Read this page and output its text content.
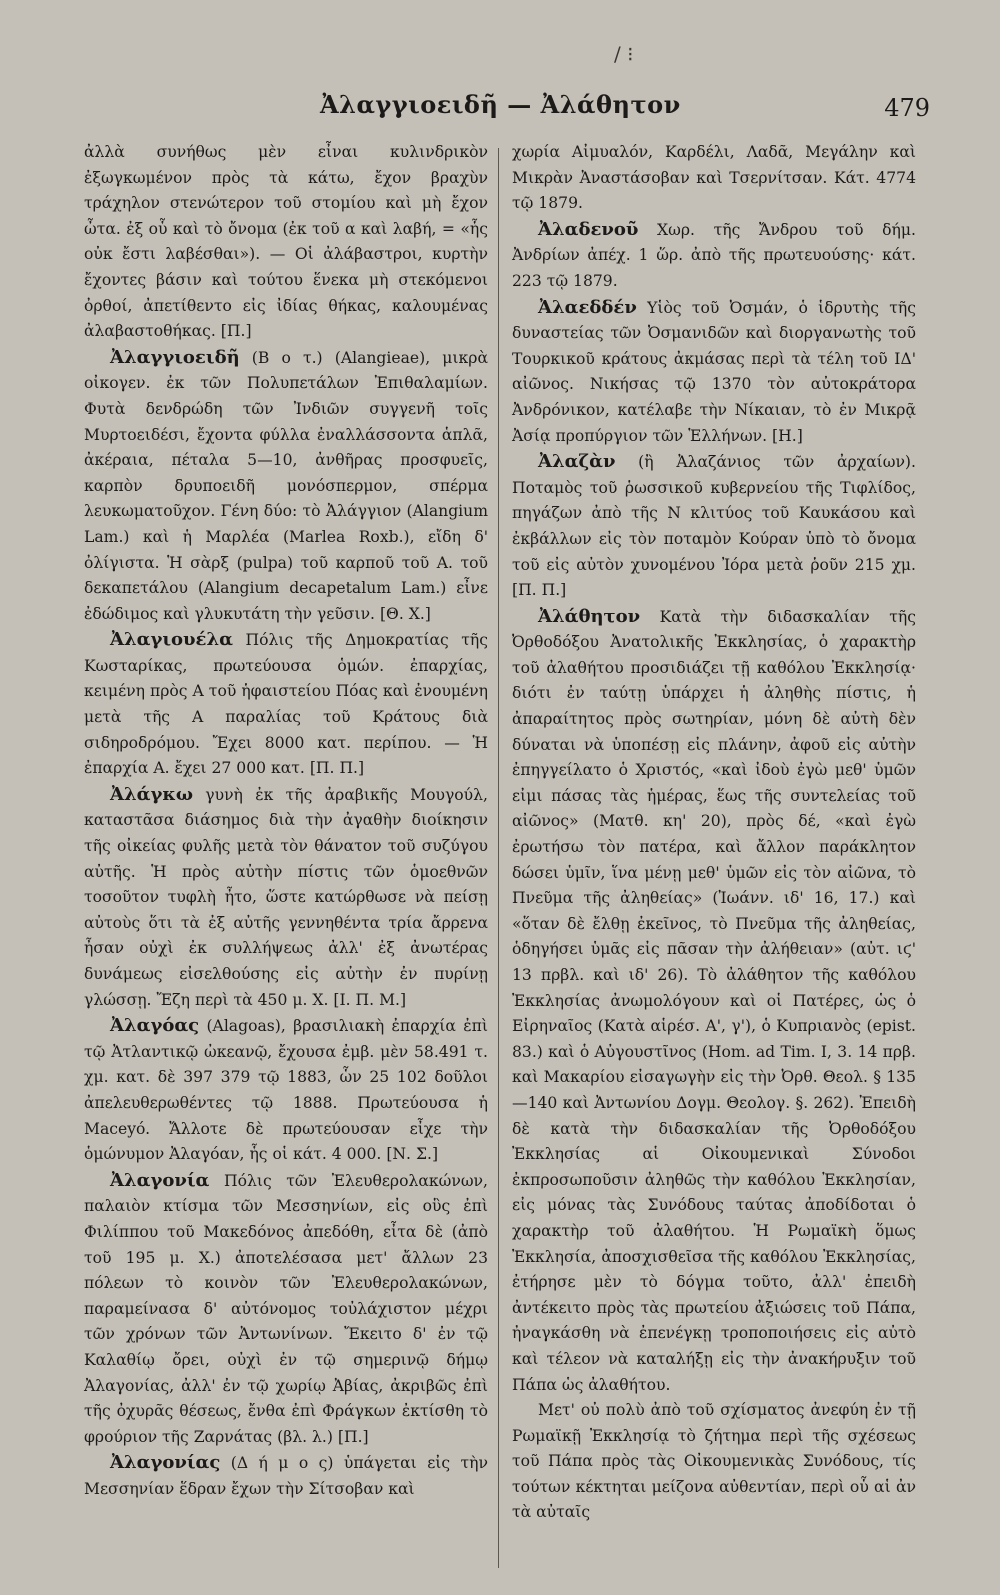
/ ⁝
Ἀλαγγιοειδῆ — Ἀλάθητον	479

ἀλλὰ συνήθως μὲν εἶναι κυλινδρικὸν ἐξωγκωμένον πρὸς τὰ κάτω, ἔχον βραχὺν τράχηλον στενώτερον τοῦ στομίου καὶ μὴ ἔχον ὦτα. ἐξ οὗ καὶ τὸ ὄνομα (ἐκ τοῦ α καὶ λαβή, = «ἧς οὐκ ἔστι λαβέσθαι»). — Οἱ ἀλάβαστροι, κυρτὴν ἔχοντες βάσιν καὶ τούτου ἕνεκα μὴ στεκόμενοι ὀρθοί, ἀπετίθεντο εἰς ἰδίας θήκας, καλουμένας ἀλαβαστοθήκας. [Π.]

Ἀλαγγιοειδῆ (Β ο τ.) (Alangieae), μικρὰ οἰκογεν. ἐκ τῶν Πολυπετάλων Ἐπιθαλαμίων. Φυτὰ δενδρώδη τῶν Ἰνδιῶν συγγενῆ τοῖς Μυρτοειδέσι, ἔχοντα φύλλα ἐναλλάσσοντα ἁπλᾶ, ἀκέραια, πέταλα 5—10, ἀνθῆρας προσφυεῖς, καρπὸν δρυποειδῆ μονόσπερμον, σπέρμα λευκωματοῦχον. Γένη δύο: τὸ Ἀλάγγιον (Alangium Lam.) καὶ ἡ Μαρλέα (Marlea Roxb.), εἴδη δ' ὀλίγιστα. Ἡ σὰρξ (pulpa) τοῦ καρποῦ τοῦ Α. τοῦ δεκαπετάλου (Alangium decapetalum Lam.) εἶνε ἐδώδιμος καὶ γλυκυτάτη τὴν γεῦσιν. [Θ. Χ.]

Ἀλαγιουέλα Πόλις τῆς Δημοκρατίας τῆς Κωσταρίκας, πρωτεύουσα ὁμών. ἐπαρχίας, κειμένη πρὸς Α τοῦ ἡφαιστείου Πόας καὶ ἐνουμένη μετὰ τῆς Α παραλίας τοῦ Κράτους διὰ σιδηροδρόμου. Ἔχει 8000 κατ. περίπου. — Ἡ ἐπαρχία Α. ἔχει 27 000 κατ. [Π. Π.]

Ἀλάγκω γυνὴ ἐκ τῆς ἀραβικῆς Μουγούλ, καταστᾶσα διάσημος διὰ τὴν ἀγαθὴν διοίκησιν τῆς οἰκείας φυλῆς μετὰ τὸν θάνατον τοῦ συζύγου αὐτῆς. Ἡ πρὸς αὐτὴν πίστις τῶν ὁμοεθνῶν τοσοῦτον τυφλὴ ἦτο, ὥστε κατώρθωσε νὰ πείσῃ αὐτοὺς ὅτι τὰ ἐξ αὐτῆς γεννηθέντα τρία ἄρρενα ἦσαν οὐχὶ ἐκ συλλήψεως ἀλλ' ἐξ ἀνωτέρας δυνάμεως εἰσελθούσης εἰς αὐτὴν ἐν πυρίνῃ γλώσσῃ. Ἔζη περὶ τὰ 450 μ. Χ. [Ι. Π. Μ.]

Ἀλαγόας (Alagoas), βρασιλιακὴ ἐπαρχία ἐπὶ τῷ Ἀτλαντικῷ ὠκεανῷ, ἔχουσα ἐμβ. μὲν 58.491 τ. χμ. κατ. δὲ 397 379 τῷ 1883, ὧν 25 102 δοῦλοι ἀπελευθερωθέντες τῷ 1888. Πρωτεύουσα ἡ Maceyó. Ἄλλοτε δὲ πρωτεύουσαν εἶχε τὴν ὁμώνυμον Ἀλαγόαν, ἧς οἱ κάτ. 4 000. [Ν. Σ.]

Ἀλαγονία Πόλις τῶν Ἐλευθερολακώνων, παλαιὸν κτίσμα τῶν Μεσσηνίων, εἰς οὓς ἐπὶ Φιλίππου τοῦ Μακεδόνος ἀπεδόθη, εἶτα δὲ (ἀπὸ τοῦ 195 μ. Χ.) ἀποτελέσασα μετ' ἄλλων 23 πόλεων τὸ κοινὸν τῶν Ἐλευθερολακώνων, παραμείνασα δ' αὐτόνομος τοὐλάχιστον μέχρι τῶν χρόνων τῶν Ἀντωνίνων. Ἔκειτο δ' ἐν τῷ Καλαθίῳ ὄρει, οὐχὶ ἐν τῷ σημερινῷ δήμῳ Ἀλαγονίας, ἀλλ' ἐν τῷ χωρίῳ Ἀβίας, ἀκριβῶς ἐπὶ τῆς ὀχυρᾶς θέσεως, ἔνθα ἐπὶ Φράγκων ἐκτίσθη τὸ φρούριον τῆς Ζαρνάτας (βλ. λ.) [Π.]

Ἀλαγονίας (Δ ή μ ο ς) ὑπάγεται εἰς τὴν Μεσσηνίαν ἕδραν ἔχων τὴν Σίτσοβαν καὶ

χωρία Αἰμυαλόν, Καρδέλι, Λαδᾶ, Μεγάλην καὶ Μικρὰν Ἀναστάσοβαν καὶ Τσερνίτσαν. Κάτ. 4774 τῷ 1879.

Ἀλαδενοῦ Χωρ. τῆς Ἄνδρου τοῦ δήμ. Ἀνδρίων ἀπέχ. 1 ὥρ. ἀπὸ τῆς πρωτευούσης· κάτ. 223 τῷ 1879.

Ἀλαεδδέν Υἱὸς τοῦ Ὀσμάν, ὁ ἱδρυτὴς τῆς δυναστείας τῶν Ὀσμανιδῶν καὶ διοργανωτὴς τοῦ Τουρκικοῦ κράτους ἀκμάσας περὶ τὰ τέλη τοῦ ΙΔ' αἰῶνος. Νικήσας τῷ 1370 τὸν αὐτοκράτορα Ἀνδρόνικον, κατέλαβε τὴν Νίκαιαν, τὸ ἐν Μικρᾷ Ἀσίᾳ προπύργιον τῶν Ἑλλήνων. [Η.]

Ἀλαζὰν (ἢ Ἀλαζάνιος τῶν ἀρχαίων). Ποταμὸς τοῦ ῥωσσικοῦ κυβερνείου τῆς Τιφλίδος, πηγάζων ἀπὸ τῆς Ν κλιτύος τοῦ Καυκάσου καὶ ἐκβάλλων εἰς τὸν ποταμὸν Κούραν ὑπὸ τὸ ὄνομα τοῦ εἰς αὐτὸν χυνομένου Ἰόρα μετὰ ῥοῦν 215 χμ. [Π. Π.]

Ἀλάθητον Κατὰ τὴν διδασκαλίαν τῆς Ὀρθοδόξου Ἀνατολικῆς Ἐκκλησίας, ὁ χαρακτὴρ τοῦ ἀλαθήτου προσιδιάζει τῇ καθόλου Ἐκκλησίᾳ· διότι ἐν ταύτῃ ὑπάρχει ἡ ἀληθὴς πίστις, ἡ ἀπαραίτητος πρὸς σωτηρίαν, μόνη δὲ αὐτὴ δὲν δύναται νὰ ὑποπέσῃ εἰς πλάνην, ἀφοῦ εἰς αὐτὴν ἐπηγγείλατο ὁ Χριστός, «καὶ ἰδοὺ ἐγὼ μεθ' ὑμῶν εἰμι πάσας τὰς ἡμέρας, ἕως τῆς συντελείας τοῦ αἰῶνος» (Ματθ. κη' 20), πρὸς δέ, «καὶ ἐγὼ ἐρωτήσω τὸν πατέρα, καὶ ἄλλον παράκλητον δώσει ὑμῖν, ἵνα μένῃ μεθ' ὑμῶν εἰς τὸν αἰῶνα, τὸ Πνεῦμα τῆς ἀληθείας» (Ἰωάνν. ιδ' 16, 17.) καὶ «ὅταν δὲ ἔλθῃ ἐκεῖνος, τὸ Πνεῦμα τῆς ἀληθείας, ὁδηγήσει ὑμᾶς εἰς πᾶσαν τὴν ἀλήθειαν» (αὐτ. ιϛ' 13 πρβλ. καὶ ιδ' 26). Τὸ ἀλάθητον τῆς καθόλου Ἐκκλησίας ἀνωμολόγουν καὶ οἱ Πατέρες, ὡς ὁ Εἰρηναῖος (Κατὰ αἱρέσ. Α', γ'), ὁ Κυπριανὸς (epist. 83.) καὶ ὁ Αὐγουστῖνος (Hom. ad Tim. I, 3. 14 πρβ. καὶ Μακαρίου εἰσαγωγὴν εἰς τὴν Ὀρθ. Θεολ. § 135—140 καὶ Ἀντωνίου Δογμ. Θεολογ. §. 262). Ἐπειδὴ δὲ κατὰ τὴν διδασκαλίαν τῆς Ὀρθοδόξου Ἐκκλησίας αἱ Οἰκουμενικαὶ Σύνοδοι ἐκπροσωποῦσιν ἀληθῶς τὴν καθόλου Ἐκκλησίαν, εἰς μόνας τὰς Συνόδους ταύτας ἀποδίδοται ὁ χαρακτὴρ τοῦ ἀλαθήτου. Ἡ Ρωμαϊκὴ ὅμως Ἐκκλησία, ἀποσχισθεῖσα τῆς καθόλου Ἐκκλησίας, ἐτήρησε μὲν τὸ δόγμα τοῦτο, ἀλλ' ἐπειδὴ ἀντέκειτο πρὸς τὰς πρωτείου ἀξιώσεις τοῦ Πάπα, ἠναγκάσθη νὰ ἐπενέγκῃ τροποποιήσεις εἰς αὐτὸ καὶ τέλεον νὰ καταλήξῃ εἰς τὴν ἀνακήρυξιν τοῦ Πάπα ὡς ἀλαθήτου.

Μετ' οὐ πολὺ ἀπὸ τοῦ σχίσματος ἀνεφύη ἐν τῇ Ρωμαϊκῇ Ἐκκλησίᾳ τὸ ζήτημα περὶ τῆς σχέσεως τοῦ Πάπα πρὸς τὰς Οἰκουμενικὰς Συνόδους, τίς τούτων κέκτηται μείζονα αὐθεντίαν, περὶ οὗ αἱ ἀν τὰ αὐταῖς
